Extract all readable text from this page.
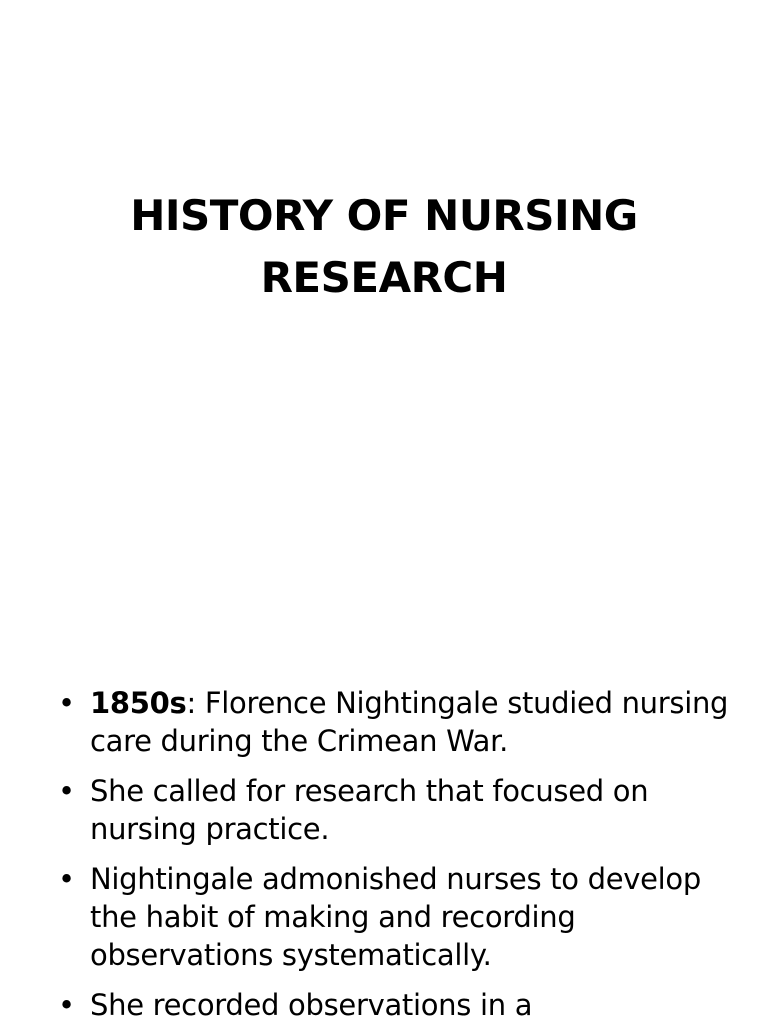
HISTORY OF NURSING
RESEARCH
• 1850s: Florence Nightingale studied nursing care during the Crimean War.
• She called for research that focused on nursing practice.
• Nightingale admonished nurses to develop the habit of making and recording observations systematically.
• She recorded observations in a
